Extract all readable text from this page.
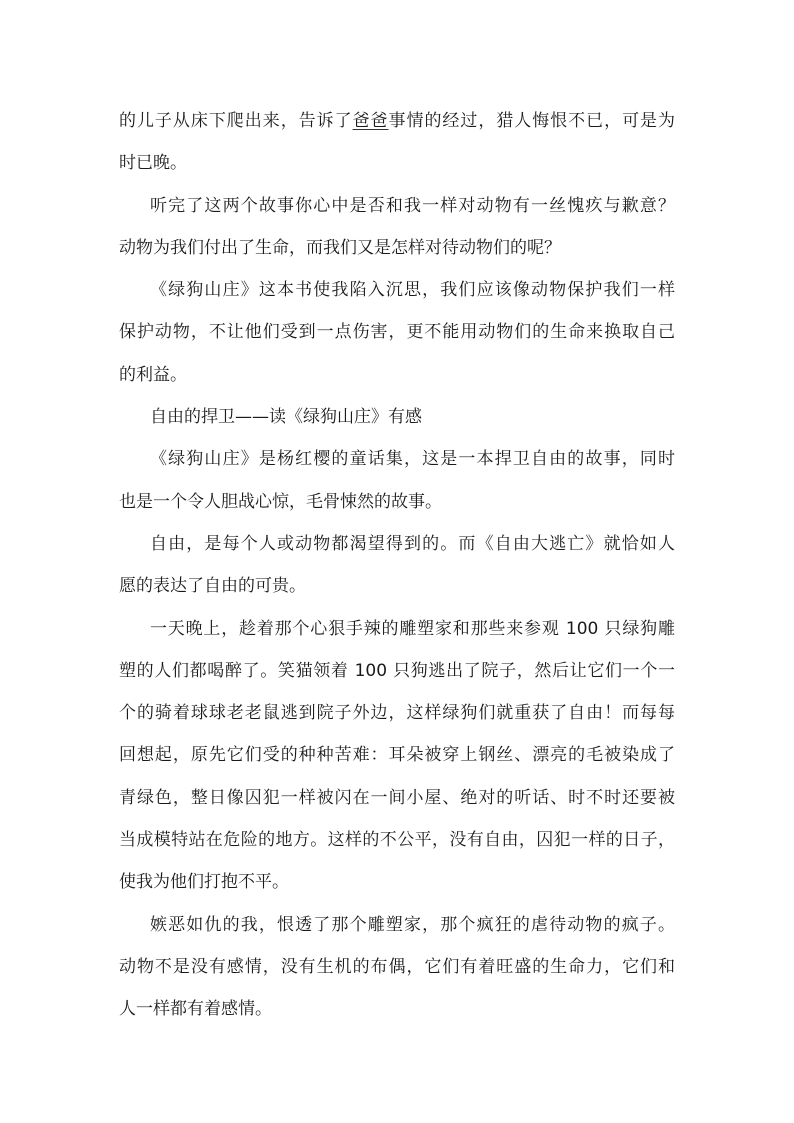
的儿子从床下爬出来，告诉了爸爸事情的经过，猎人悔恨不已，可是为
时已晚。
听完了这两个故事你心中是否和我一样对动物有一丝愧疚与歉意？
动物为我们付出了生命，而我们又是怎样对待动物们的呢？
《绿狗山庄》这本书使我陷入沉思，我们应该像动物保护我们一样
保护动物，不让他们受到一点伤害，更不能用动物们的生命来换取自己
的利益。
自由的捍卫——读《绿狗山庄》有感
《绿狗山庄》是杨红樱的童话集，这是一本捍卫自由的故事，同时
也是一个令人胆战心惊，毛骨悚然的故事。
自由，是每个人或动物都渴望得到的。而《自由大逃亡》就恰如人
愿的表达了自由的可贵。
一天晚上，趁着那个心狠手辣的雕塑家和那些来参观 100 只绿狗雕
塑的人们都喝醉了。笑猫领着 100 只狗逃出了院子，然后让它们一个一
个的骑着球球老老鼠逃到院子外边，这样绿狗们就重获了自由！而每每
回想起，原先它们受的种种苦难：耳朵被穿上钢丝、漂亮的毛被染成了
青绿色，整日像囚犯一样被闪在一间小屋、绝对的听话、时不时还要被
当成模特站在危险的地方。这样的不公平，没有自由，囚犯一样的日子，
使我为他们打抱不平。
嫉恶如仇的我，恨透了那个雕塑家，那个疯狂的虐待动物的疯子。
动物不是没有感情，没有生机的布偶，它们有着旺盛的生命力，它们和
人一样都有着感情。
